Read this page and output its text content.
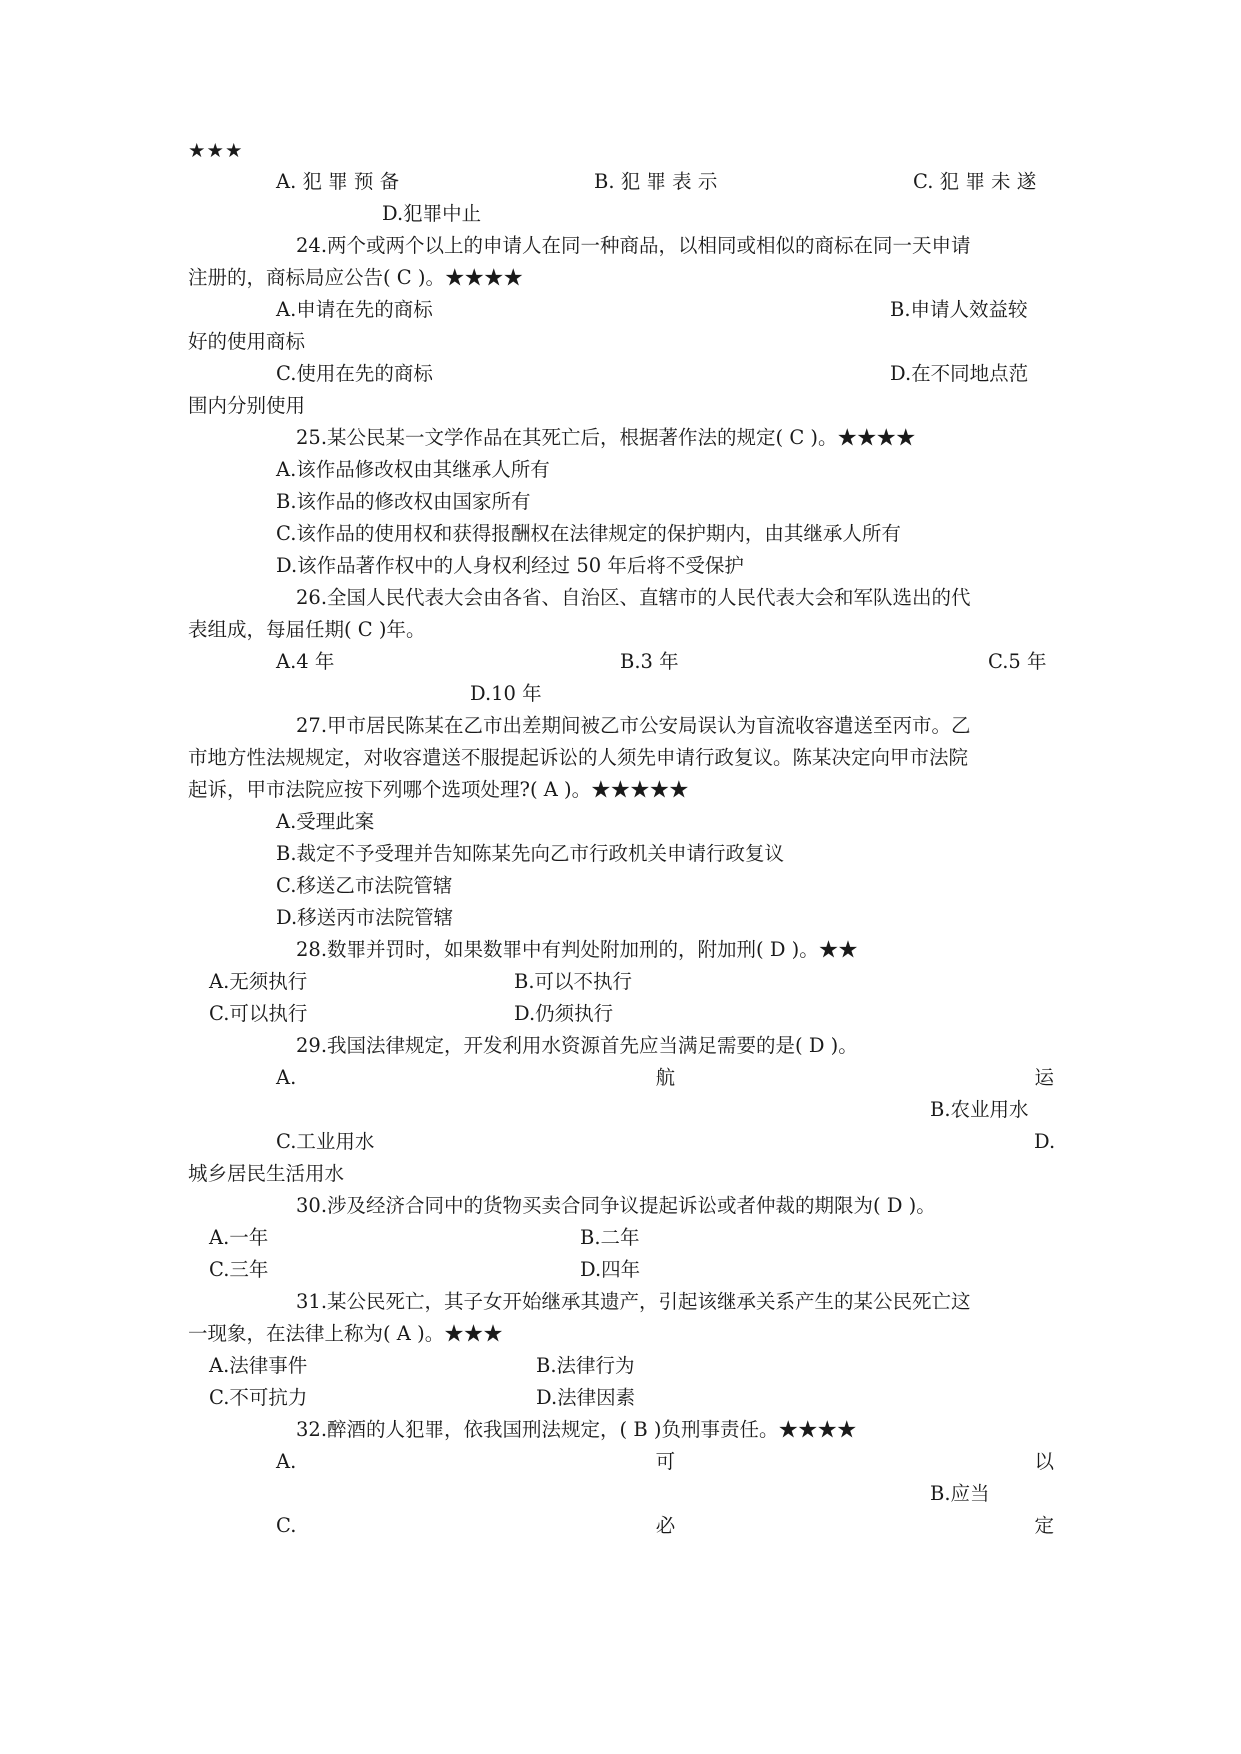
★★★
A. 犯 罪 预 备	B. 犯 罪 表 示	C. 犯 罪 未 遂
D.犯罪中止
24.两个或两个以上的申请人在同一种商品，以相同或相似的商标在同一天申请
注册的，商标局应公告( C )。★★★★
A.申请在先的商标	B.申请人效益较
好的使用商标
C.使用在先的商标	D.在不同地点范
围内分别使用
25.某公民某一文学作品在其死亡后，根据著作法的规定( C )。★★★★
A.该作品修改权由其继承人所有
B.该作品的修改权由国家所有
C.该作品的使用权和获得报酬权在法律规定的保护期内，由其继承人所有
D.该作品著作权中的人身权利经过 50 年后将不受保护
26.全国人民代表大会由各省、自治区、直辖市的人民代表大会和军队选出的代
表组成，每届任期( C )年。
A.4 年	B.3 年	C.5 年
D.10 年
27.甲市居民陈某在乙市出差期间被乙市公安局误认为盲流收容遣送至丙市。乙
市地方性法规规定，对收容遣送不服提起诉讼的人须先申请行政复议。陈某决定向甲市法院
起诉，甲市法院应按下列哪个选项处理?( A )。★★★★★
A.受理此案
B.裁定不予受理并告知陈某先向乙市行政机关申请行政复议
C.移送乙市法院管辖
D.移送丙市法院管辖
28.数罪并罚时，如果数罪中有判处附加刑的，附加刑( D )。★★
A.无须执行	B.可以不执行
C.可以执行	D.仍须执行
29.我国法律规定，开发利用水资源首先应当满足需要的是( D )。
A.	航	运
B.农业用水
C.工业用水	D.
城乡居民生活用水
30.涉及经济合同中的货物买卖合同争议提起诉讼或者仲裁的期限为( D )。
A.一年	B.二年
C.三年	D.四年
31.某公民死亡，其子女开始继承其遗产，引起该继承关系产生的某公民死亡这
一现象，在法律上称为( A )。★★★
A.法律事件	B.法律行为
C.不可抗力	D.法律因素
32.醉酒的人犯罪，依我国刑法规定，( B )负刑事责任。★★★★
A.	可	以
B.应当
C.	必	定
